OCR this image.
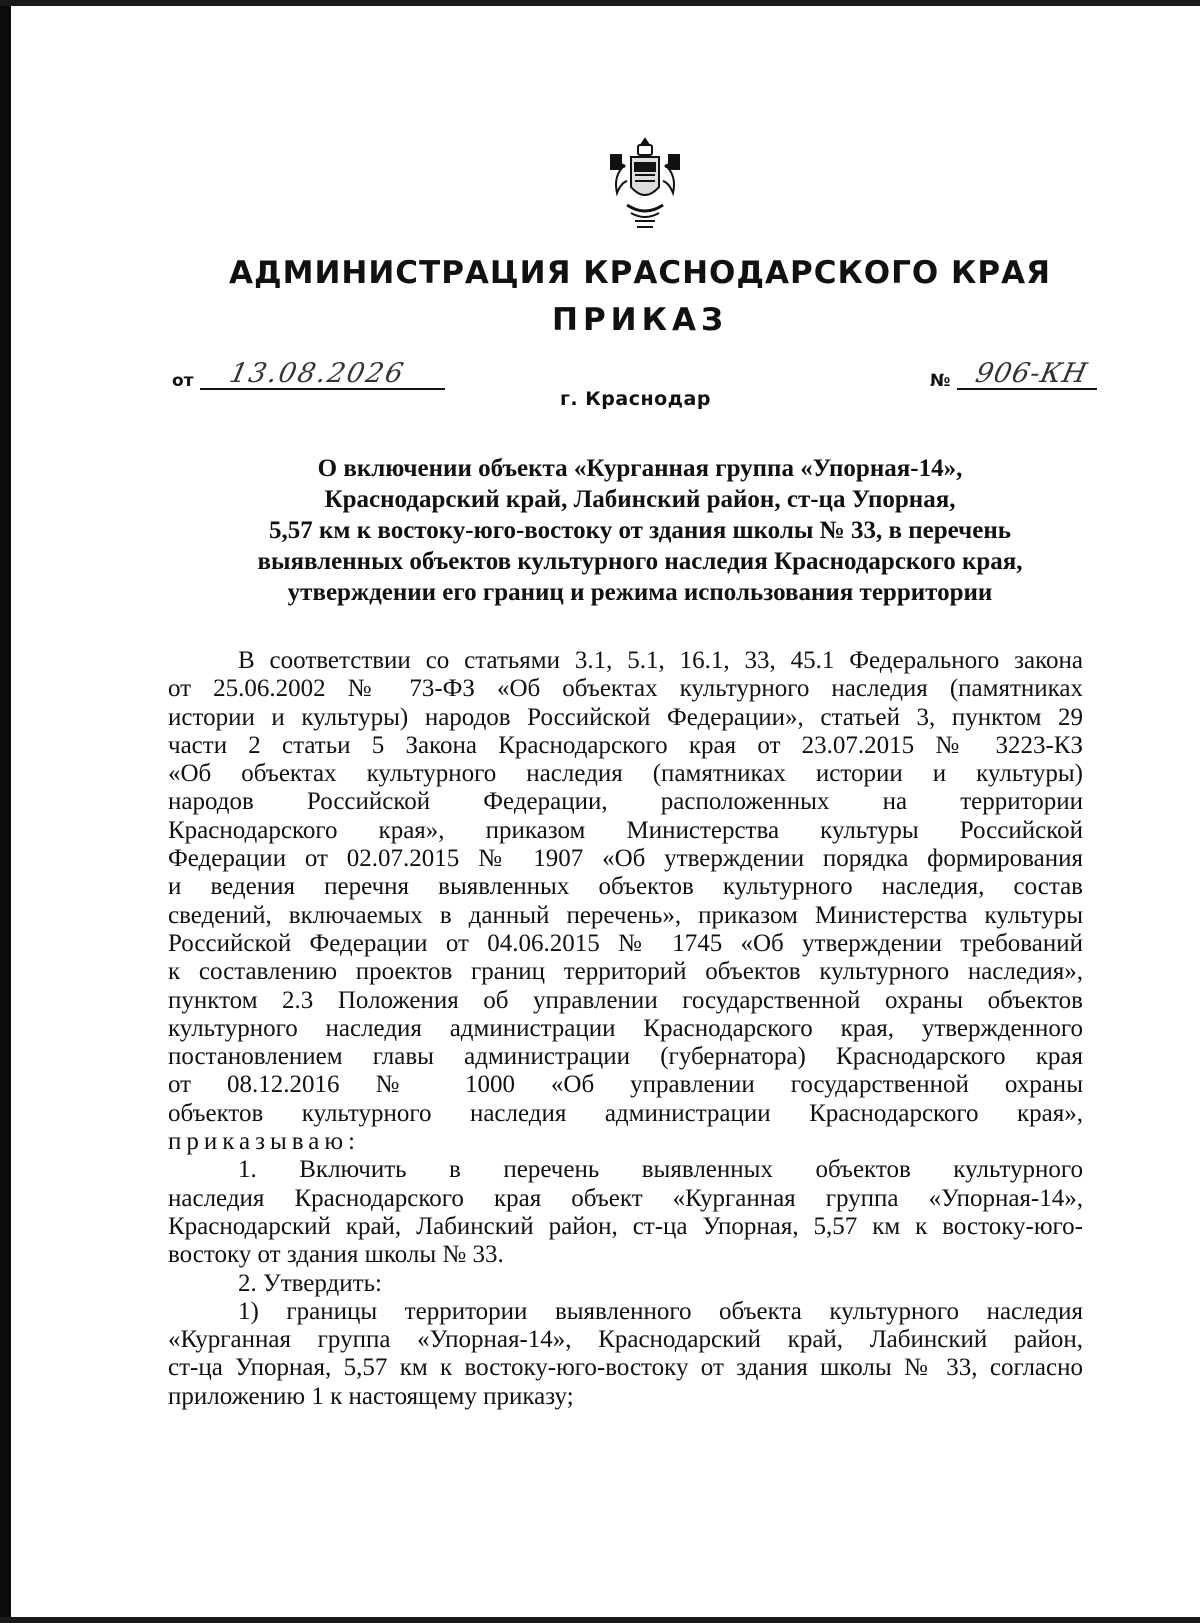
АДМИНИСТРАЦИЯ КРАСНОДАРСКОГО КРАЯ
ПРИКАЗ
от 13.08.2026	№ 906-КН
г. Краснодар
О включении объекта «Курганная группа «Упорная-14»,
Краснодарский край, Лабинский район, ст-ца Упорная,
5,57 км к востоку-юго-востоку от здания школы № 33, в перечень
выявленных объектов культурного наследия Краснодарского края,
утверждении его границ и режима использования территории
В соответствии со статьями 3.1, 5.1, 16.1, 33, 45.1 Федерального закона
от 25.06.2002 № 73-ФЗ «Об объектах культурного наследия (памятниках
истории и культуры) народов Российской Федерации», статьей 3, пунктом 29
части 2 статьи 5 Закона Краснодарского края от 23.07.2015 № 3223-КЗ
«Об объектах культурного наследия (памятниках истории и культуры)
народов Российской Федерации, расположенных на территории
Краснодарского края», приказом Министерства культуры Российской
Федерации от 02.07.2015 № 1907 «Об утверждении порядка формирования
и ведения перечня выявленных объектов культурного наследия, состав
сведений, включаемых в данный перечень», приказом Министерства культуры
Российской Федерации от 04.06.2015 № 1745 «Об утверждении требований
к составлению проектов границ территорий объектов культурного наследия»,
пунктом 2.3 Положения об управлении государственной охраны объектов
культурного наследия администрации Краснодарского края, утвержденного
постановлением главы администрации (губернатора) Краснодарского края
от 08.12.2016 № 1000 «Об управлении государственной охраны
объектов культурного наследия администрации Краснодарского края»,
приказываю:
1. Включить в перечень выявленных объектов культурного
наследия Краснодарского края объект «Курганная группа «Упорная-14»,
Краснодарский край, Лабинский район, ст-ца Упорная, 5,57 км к востоку-юго-
востоку от здания школы № 33.
2. Утвердить:
1) границы территории выявленного объекта культурного наследия
«Курганная группа «Упорная-14», Краснодарский край, Лабинский район,
ст-ца Упорная, 5,57 км к востоку-юго-востоку от здания школы № 33, согласно
приложению 1 к настоящему приказу;
